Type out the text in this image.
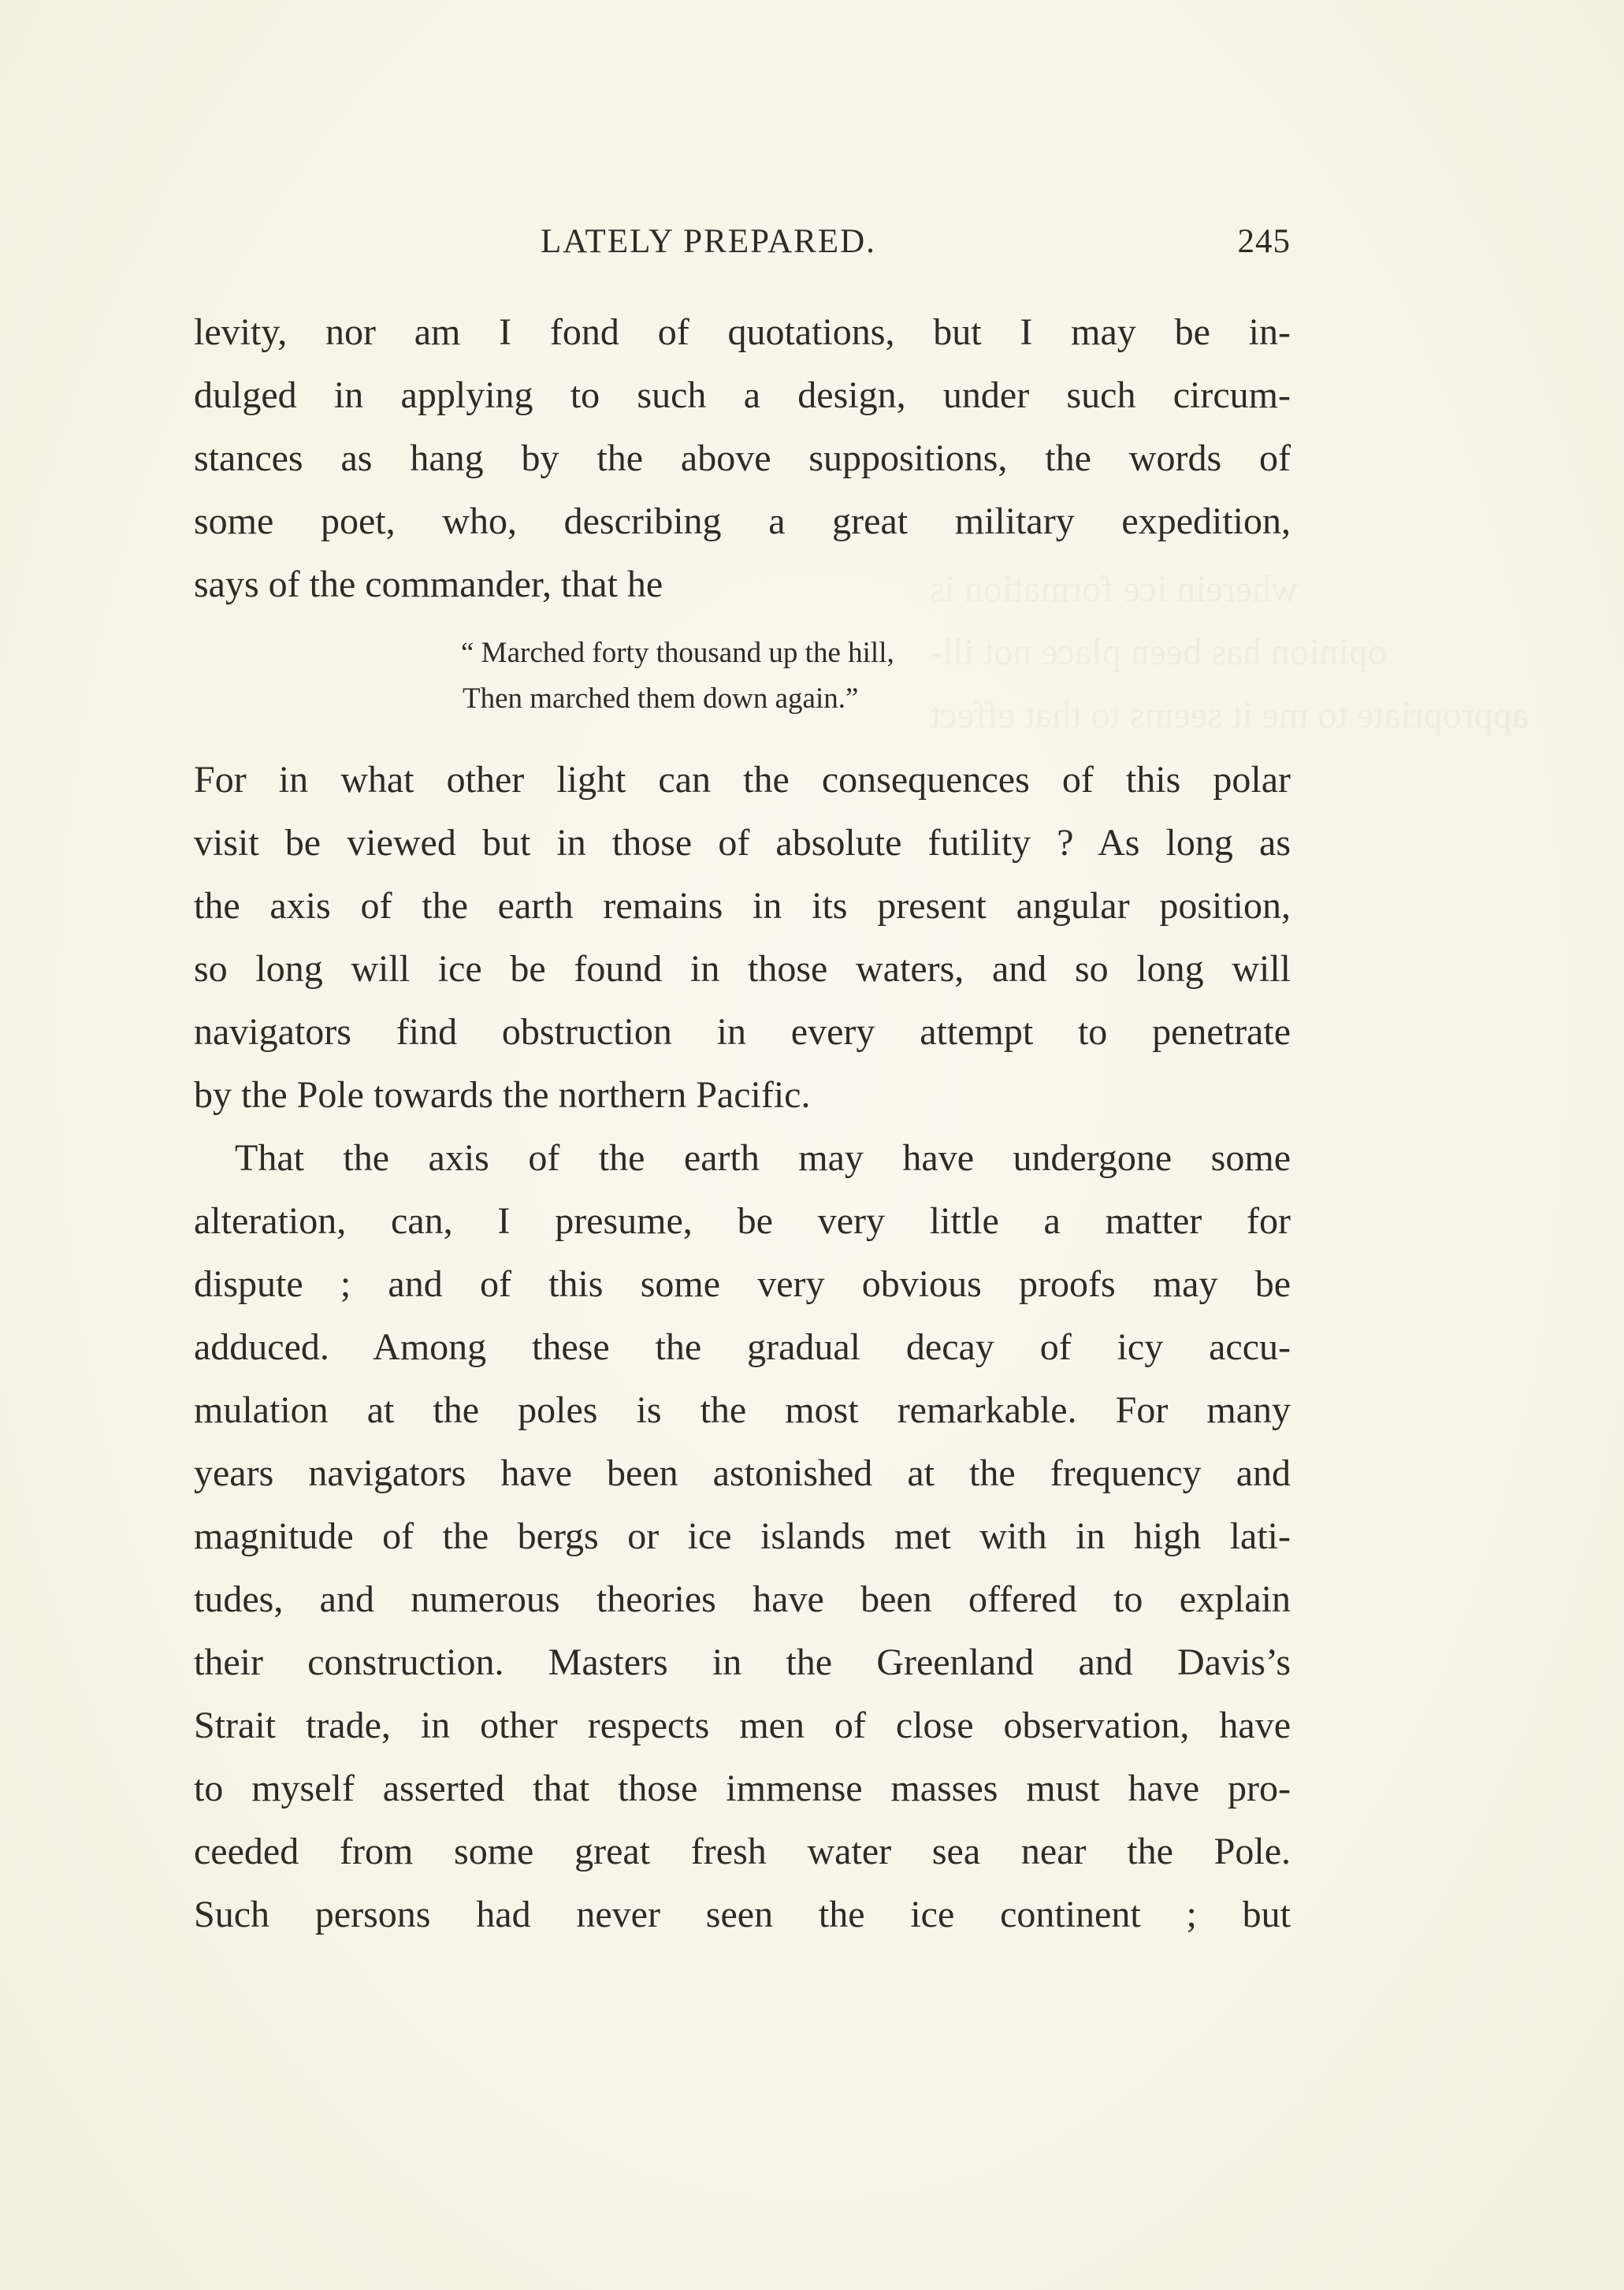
wherein ice formation is
opinion has been place not ill-
appropriate to me it seems to that effect
LATELY PREPARED.	245
levity, nor am I fond of quotations, but I may be in-
dulged in applying to such a design, under such circum-
stances as hang by the above suppositions, the words of
some poet, who, describing a great military expedition,
says of the commander, that he
“ Marched forty thousand up the hill,
Then marched them down again.”
For in what other light can the consequences of this polar
visit be viewed but in those of absolute futility ? As long as
the axis of the earth remains in its present angular position,
so long will ice be found in those waters, and so long will
navigators find obstruction in every attempt to penetrate
by the Pole towards the northern Pacific.
That the axis of the earth may have undergone some
alteration, can, I presume, be very little a matter for
dispute ; and of this some very obvious proofs may be
adduced. Among these the gradual decay of icy accu-
mulation at the poles is the most remarkable. For many
years navigators have been astonished at the frequency and
magnitude of the bergs or ice islands met with in high lati-
tudes, and numerous theories have been offered to explain
their construction. Masters in the Greenland and Davis’s
Strait trade, in other respects men of close observation, have
to myself asserted that those immense masses must have pro-
ceeded from some great fresh water sea near the Pole.
Such persons had never seen the ice continent ; but
